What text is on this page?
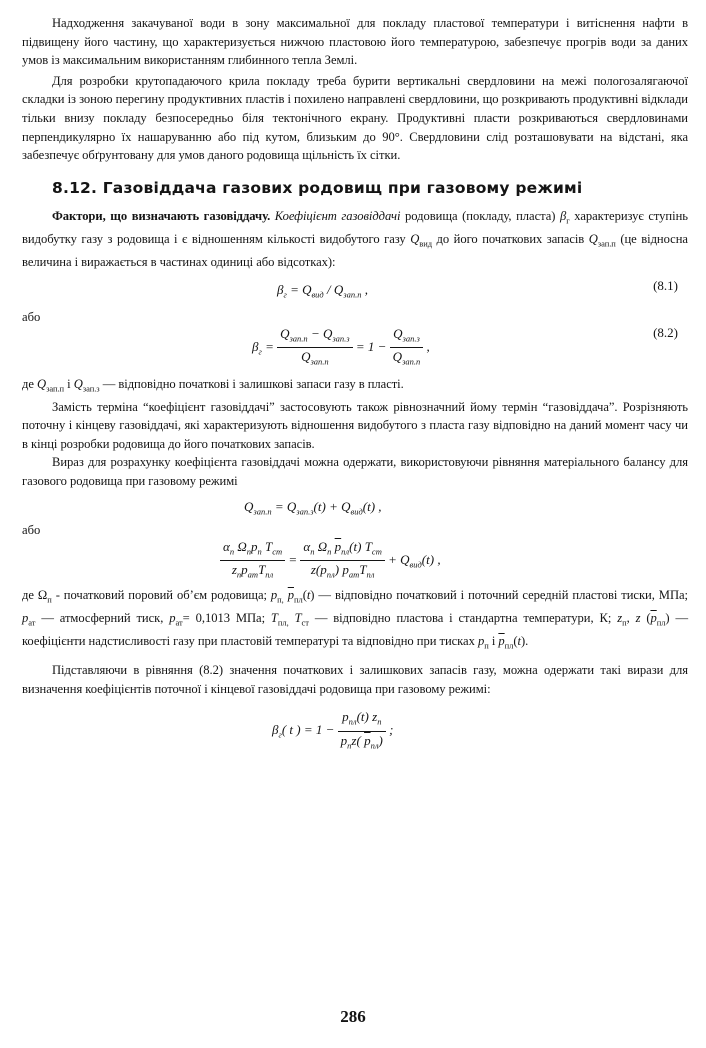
Надходження закачуваної води в зону максимальної для покладу пластової температури і витіснення нафти в підвищену його частину, що характеризується нижчою пластовою його температурою, забезпечує прогрів води за даних умов із максимальним використанням глибинного тепла Землі.

Для розробки крутопадаючого крила покладу треба бурити вертикальні свердловини на межі пологозалягаючої складки із зоною перегину продуктивних пластів і похилено направлені свердловини, що розкривають продуктивні відклади тільки внизу покладу безпосередньо біля тектонічного екрану. Продуктивні пласти розкриваються свердловинами перпендикулярно їх нашаруванню або під кутом, близьким до 90°. Свердловини слід розташовувати на відстані, яка забезпечує обґрунтовану для умов даного родовища щільність їх сітки.

8.12. Газовіддача газових родовищ при газовому режимі

Фактори, що визначають газовіддачу. Коефіцієнт газовіддачі родовища (покладу, пласта) $\beta_г$ характеризує ступінь видобутку газу з родовища і є відношенням кількості видобутого газу $Q_{вид}$ до його початкових запасів $Q_{зап.п}$ (це відносна величина і виражається в частинах одиниці або відсотках):

$\beta_г = Q_{вид} / Q_{зап.п}$ ,	(8.1)
або
$\beta_г = \frac{Q_{зап.п} - Q_{зап.з}}{Q_{зап.п}} = 1 - \frac{Q_{зап.з}}{Q_{зап.п}}$ ,
(8.2)

де $Q_{зап.п}$ і $Q_{зап.з}$ — відповідно початкові і залишкові запаси газу в пласті.

Замість терміна “коефіцієнт газовіддачі” застосовують також рівнозначний йому термін “газовіддача”. Розрізняють поточну і кінцеву газовіддачі, які характеризують відношення видобутого з пласта газу відповідно на даний момент часу чи в кінці розробки родовища до його початкових запасів.

Вираз для розрахунку коефіцієнта газовіддачі можна одержати, використовуючи рівняння матеріального балансу для газового родовища при газовому режимі

$Q_{зап.п} = Q_{зап.з}(t) + Q_{вид}(t)$ ,
або
$\frac{\alpha_п \Omega_пp_п T_{ст}}{z_пp_{ат}T_{пл}} = \frac{\alpha_п \Omega_п \overline{p}_{пл}(t) T_{ст}}{z(p_{пл}) p_{ат}T_{пл}} + Q_{вид}(t)$ ,

де $\Omega_п$ - початковий поровий об’єм родовища; $p_{п,}$ $\overline{p}_{пл}(t)$ — відповідно початковий і поточний середній пластові тиски, МПа; $p_{ат}$ — атмосферний тиск, $p_{ат}= 0,1013$ МПа; $T_{пл,}$ $T_{ст}$ — відповідно пластова і стандартна температури, К; $z_п$, z $(\overline{p}_{пл})$ — коефіцієнти надстисливості газу при пластовій температурі та відповідно при тисках $p_п$ і $\overline{p}_{пл}(t)$.

Підставляючи в рівняння (8.2) значення початкових і залишкових запасів газу, можна одержати такі вирази для визначення коефіцієнтів поточної і кінцевої газовіддачі родовища при газовому режимі:

$\beta_г$( t ) = $1 - \frac{p_{пл}(t) z_п}{p_пz( \overline{p}_{пл})}$ ;
286
